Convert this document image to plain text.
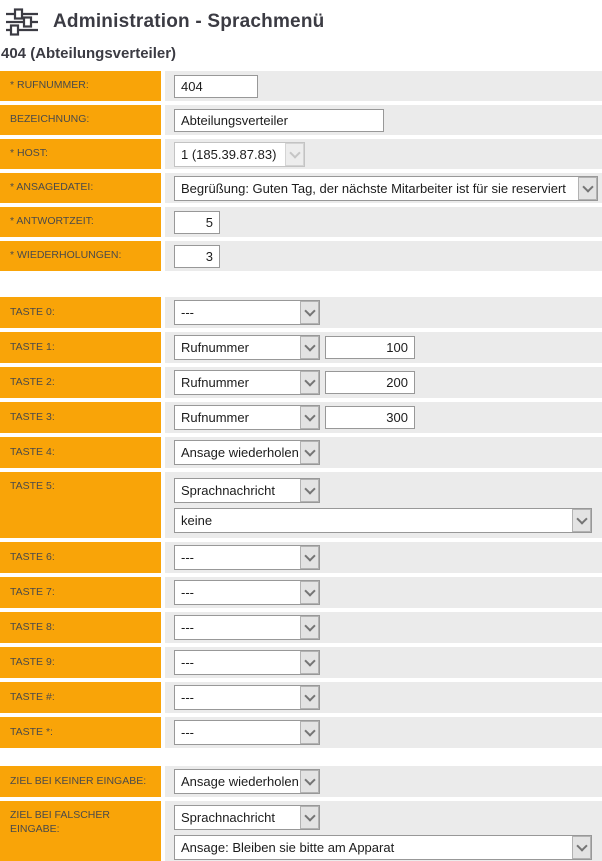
Administration - Sprachmenü
404 (Abteilungsverteiler)
* RUFNUMMER:
404
BEZEICHNUNG:
Abteilungsverteiler
* HOST:	1 (185.39.87.83)
* ANSAGEDATEI:	Begrüßung: Guten Tag, der nächste Mitarbeiter ist für sie reserviert
* ANTWORTZEIT:
5
* WIEDERHOLUNGEN:
3
TASTE 0:	---
TASTE 1:	Rufnummer
100
TASTE 2:	Rufnummer
200
TASTE 3:	Rufnummer
300
TASTE 4:	Ansage wiederholen
TASTE 5:	Sprachnachricht
keine
TASTE 6:	---
TASTE 7:	---
TASTE 8:	---
TASTE 9:	---
TASTE #:	---
TASTE *:	---
ZIEL BEI KEINER EINGABE:	Ansage wiederholen
ZIEL BEI FALSCHER EINGABE:
Sprachnachricht
Ansage: Bleiben sie bitte am Apparat
